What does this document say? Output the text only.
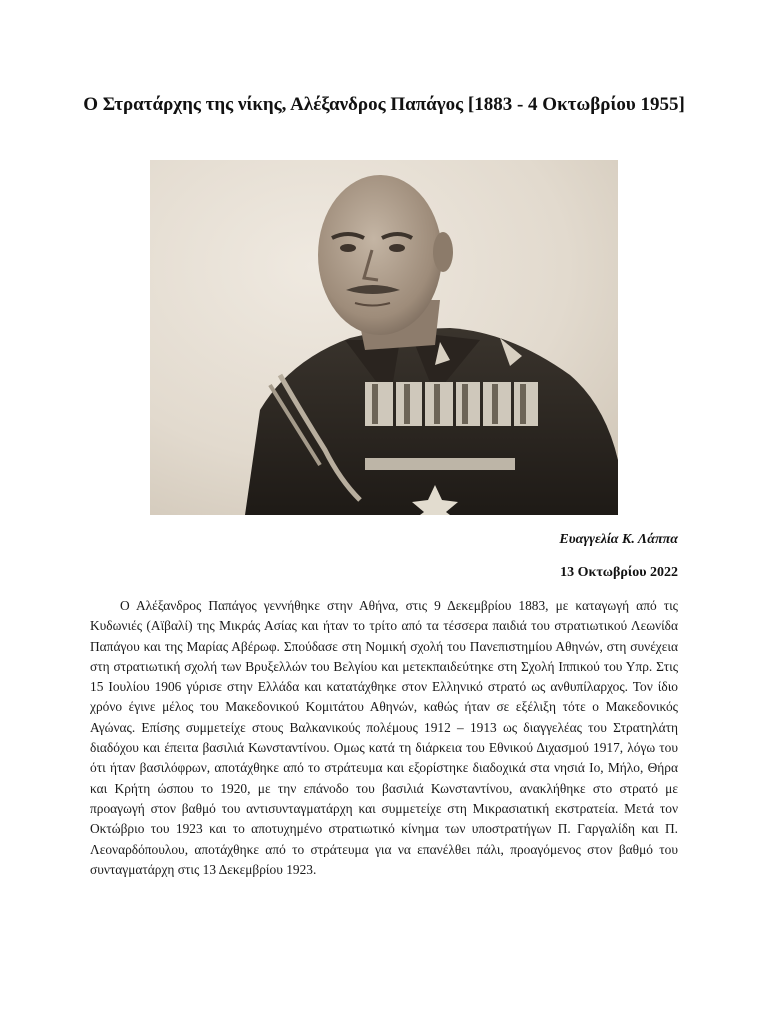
Ο Στρατάρχης της νίκης, Αλέξανδρος Παπάγος [1883 - 4 Οκτωβρίου 1955]
Ευαγγελία Κ. Λάππα
13 Οκτωβρίου 2022

Ο Αλέξανδρος Παπάγος γεννήθηκε στην Αθήνα, στις 9 Δεκεμβρίου 1883, με καταγωγή από τις Κυδωνιές (Αϊβαλί) της Μικράς Ασίας και ήταν το τρίτο από τα τέσσερα παιδιά του στρατιωτικού Λεωνίδα Παπάγου και της Μαρίας Αβέρωφ. Σπούδασε στη Νομική σχολή του Πανεπιστημίου Αθηνών, στη συνέχεια στη στρατιωτική σχολή των Βρυξελλών του Βελγίου και μετεκπαιδεύτηκε στη Σχολή Ιππικού του Υπρ. Στις 15 Ιουλίου 1906 γύρισε στην Ελλάδα και κατατάχθηκε στον Ελληνικό στρατό ως ανθυπίλαρχος. Τον ίδιο χρόνο έγινε μέλος του Μακεδονικού Κομιτάτου Αθηνών, καθώς ήταν σε εξέλιξη τότε ο Μακεδονικός Αγώνας. Επίσης συμμετείχε στους Βαλκανικούς πολέμους 1912 – 1913 ως διαγγελέας του Στρατηλάτη διαδόχου και έπειτα βασιλιά Κωνσταντίνου. Ομως κατά τη διάρκεια του Εθνικού Διχασμού 1917, λόγω του ότι ήταν βασιλόφρων, αποτάχθηκε από το στράτευμα και εξορίστηκε διαδοχικά στα νησιά Ιο, Μήλο, Θήρα και Κρήτη ώσπου το 1920, με την επάνοδο του βασιλιά Κωνσταντίνου, ανακλήθηκε στο στρατό με προαγωγή στον βαθμό του αντισυνταγματάρχη και συμμετείχε στη Μικρασιατική εκστρατεία. Μετά τον Οκτώβριο του 1923 και το αποτυχημένο στρατιωτικό κίνημα των υποστρατήγων Π. Γαργαλίδη και Π. Λεοναρδόπουλου, αποτάχθηκε από το στράτευμα για να επανέλθει πάλι, προαγόμενος στον βαθμό του συνταγματάρχη στις 13 Δεκεμβρίου 1923.
